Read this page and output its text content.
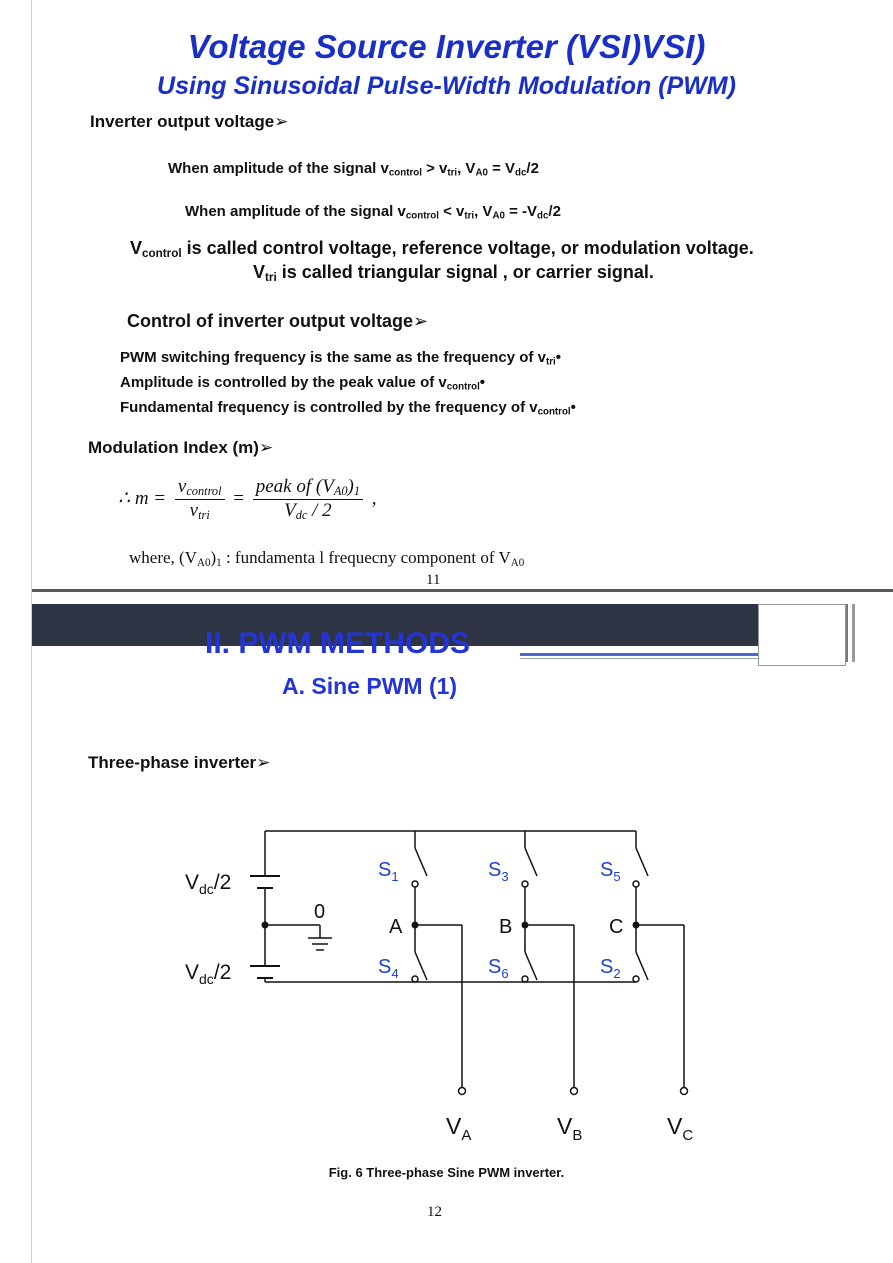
Voltage Source Inverter (VSI)VSI)
Using Sinusoidal Pulse-Width Modulation (PWM)
Inverter output voltage➢
When amplitude of the signal $v_{control} > v_{tri}$, $V_{A0} = V_{dc}/2$
When amplitude of the signal $v_{control} < v_{tri}$, $V_{A0} = -V_{dc}/2$
$V_{control}$ is called control voltage, reference voltage, or modulation voltage.
$V_{tri}$ is called triangular signal , or carrier signal.
Control of inverter output voltage➢
PWM switching frequency is the same as the frequency of $v_{tri}•$
Amplitude is controlled by the peak value of $v_{control}•$
Fundamental frequency is controlled by the frequency of $v_{control}•$
Modulation Index (m)➢
∴ $m = \frac{v_{control}}{v_{tri}} = \frac{peak of (V_{A0})_1}{V_{dc} / 2}$ ,
where, $(V_{A0})_1$ : fundamenta l frequecny component of $V_{A0}$
11
II. PWM METHODS
A. Sine PWM (1)
Three-phase inverter➢
$V_{dc}/2$
$V_{dc}/2$
0
$S_1$	$S_3$	$S_5$
$S_4$	$S_6$	$S_2$
A	B	C
$V_A$	$V_B$	$V_C$
Fig. 6 Three-phase Sine PWM inverter.
12
